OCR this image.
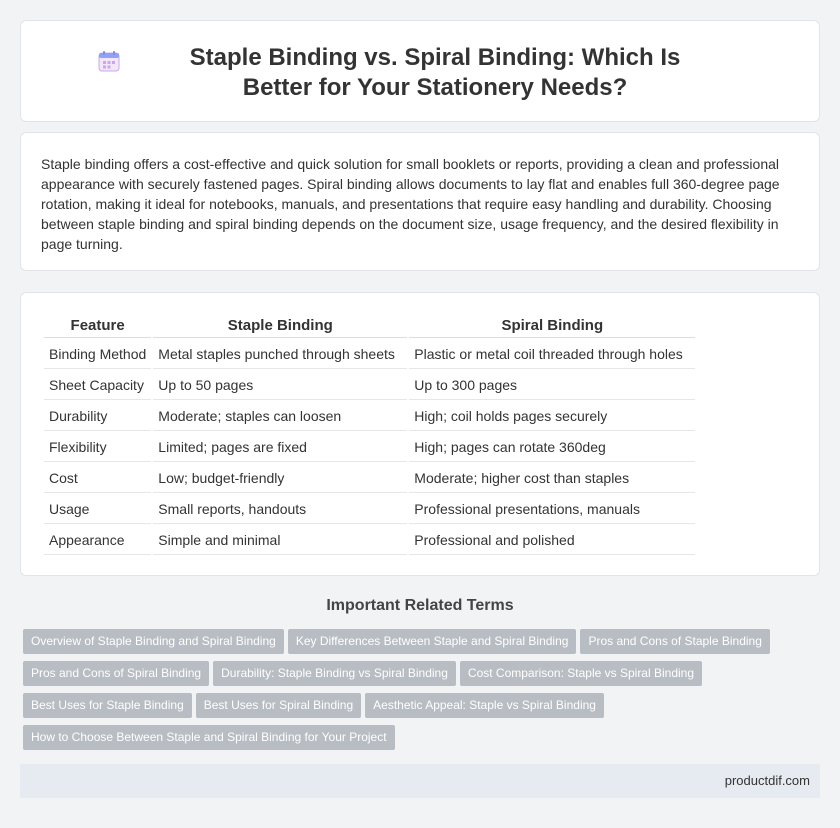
Staple Binding vs. Spiral Binding: Which Is Better for Your Stationery Needs?

Staple binding offers a cost-effective and quick solution for small booklets or reports, providing a clean and professional appearance with securely fastened pages. Spiral binding allows documents to lay flat and enables full 360-degree page rotation, making it ideal for notebooks, manuals, and presentations that require easy handling and durability. Choosing between staple binding and spiral binding depends on the document size, usage frequency, and the desired flexibility in page turning.

Feature	Staple Binding	Spiral Binding
Binding Method	Metal staples punched through sheets	Plastic or metal coil threaded through holes
Sheet Capacity	Up to 50 pages	Up to 300 pages
Durability	Moderate; staples can loosen	High; coil holds pages securely
Flexibility	Limited; pages are fixed	High; pages can rotate 360deg
Cost	Low; budget-friendly	Moderate; higher cost than staples
Usage	Small reports, handouts	Professional presentations, manuals
Appearance	Simple and minimal	Professional and polished
Important Related Terms
Overview of Staple Binding and Spiral Binding Key Differences Between Staple and Spiral Binding Pros and Cons of Staple Binding
Pros and Cons of Spiral Binding Durability: Staple Binding vs Spiral Binding Cost Comparison: Staple vs Spiral Binding
Best Uses for Staple Binding Best Uses for Spiral Binding Aesthetic Appeal: Staple vs Spiral Binding
How to Choose Between Staple and Spiral Binding for Your Project
productdif.com
